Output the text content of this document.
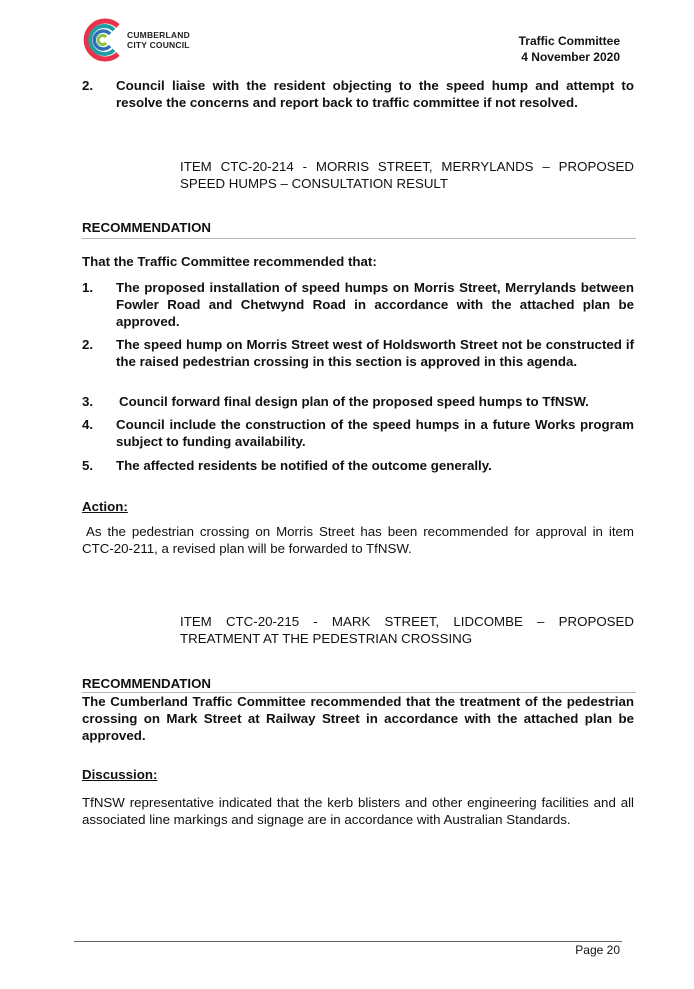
CUMBERLAND
CITY COUNCIL	Traffic Committee
4 November 2020
2. Council liaise with the resident objecting to the speed hump and attempt to resolve the concerns and report back to traffic committee if not resolved.
ITEM CTC-20-214 - MORRIS STREET, MERRYLANDS – PROPOSED SPEED HUMPS – CONSULTATION RESULT
RECOMMENDATION
That the Traffic Committee recommended that:
1. The proposed installation of speed humps on Morris Street, Merrylands between Fowler Road and Chetwynd Road in accordance with the attached plan be approved.
2. The speed hump on Morris Street west of Holdsworth Street not be constructed if the raised pedestrian crossing in this section is approved in this agenda.
3. Council forward final design plan of the proposed speed humps to TfNSW.
4. Council include the construction of the speed humps in a future Works program subject to funding availability.
5. The affected residents be notified of the outcome generally.
Action:
As the pedestrian crossing on Morris Street has been recommended for approval in item CTC-20-211, a revised plan will be forwarded to TfNSW.
ITEM CTC-20-215 - MARK STREET, LIDCOMBE – PROPOSED TREATMENT AT THE PEDESTRIAN CROSSING
RECOMMENDATION
The Cumberland Traffic Committee recommended that the treatment of the pedestrian crossing on Mark Street at Railway Street in accordance with the attached plan be approved.
Discussion:
TfNSW representative indicated that the kerb blisters and other engineering facilities and all associated line markings and signage are in accordance with Australian Standards.
Page 20
